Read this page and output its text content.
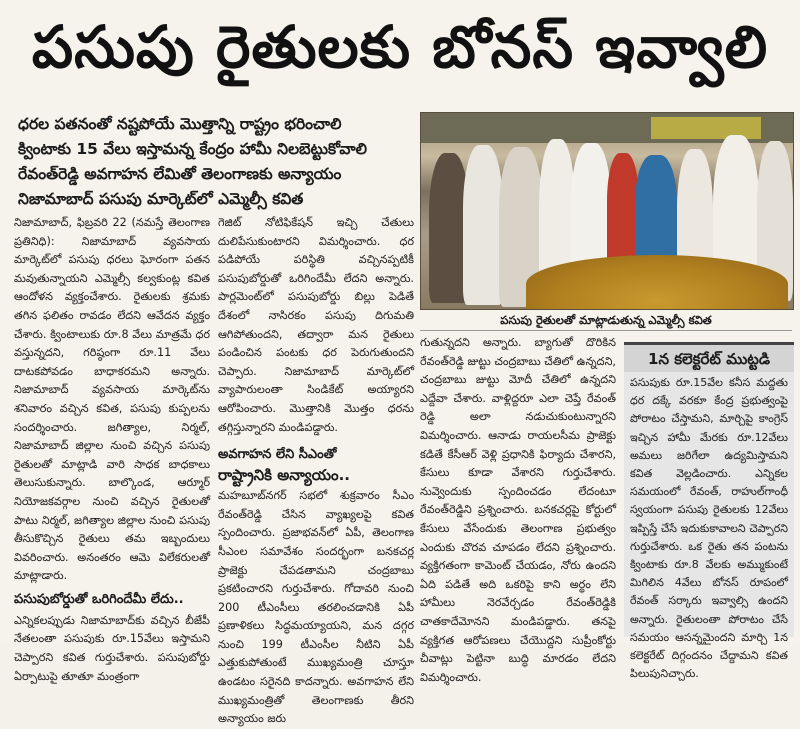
పసుపు రైతులకు బోనస్ ఇవ్వాలి
ధరల పతనంతో నష్టపోయే మొత్తాన్ని రాష్ట్రం భరించాలి
క్వింటాకు 15 వేలు ఇస్తామన్న కేంద్రం హామీ నిలబెట్టుకోవాలి
రేవంత్‌రెడ్డి అవగాహన లేమితో తెలంగాణకు అన్యాయం
నిజామాబాద్ పసుపు మార్కెట్‌లో ఎమ్మెల్సీ కవిత
పసుపు రైతులతో మాట్లాడుతున్న ఎమ్మెల్సీ కవిత

నిజామాబాద్, ఫిబ్రవరి 22 (నమస్తే తెలంగాణ ప్రతినిధి): నిజామాబాద్ వ్యవసాయ మార్కెట్‌లో పసుపు ధరలు ఘోరంగా పతన మవుతున్నాయని ఎమ్మెల్సీ కల్వకుంట్ల కవిత ఆందోళన వ్యక్తంచేశారు. రైతులకు శ్రమకు తగిన ఫలితం రావడం లేదని ఆవేదన వ్యక్తం చేశారు. క్వింటాలుకు రూ.8 వేలు మాత్రమే ధర వస్తున్నదని, గరిష్ఠంగా రూ.11 వేలు దాటకపోవడం బాధాకరమని అన్నారు. నిజామాబాద్ వ్యవసాయ మార్కెట్‌ను శనివారం వచ్చిన కవిత, పసుపు కుప్పలను సందర్శించారు. జగిత్యాల, నిర్మల్, నిజామాబాద్ జిల్లాల నుంచి వచ్చిన పసుపు రైతులతో మాట్లాడి వారి సాధక బాధకాలు తెలుసుకున్నారు. బాల్కొండ, ఆర్మూర్ నియోజకవర్గాల నుంచి వచ్చిన రైతులతో పాటు నిర్మల్, జగిత్యాల జిల్లాల నుంచి పసుపు తీసుకొచ్చిన రైతులు తమ ఇబ్బందులు వివరించారు. అనంతరం ఆమె విలేకరులతో మాట్లాడారు.

పసుపుబోర్డుతో ఒరిగిందేమీ లేదు..

ఎన్నికలప్పుడు నిజామాబాద్‌కు వచ్చిన బీజేపీ నేతలంతా పసుపుకు రూ.15వేలు ఇస్తామని చెప్పారని కవిత గుర్తుచేశారు. పసుపుబోర్డు ఏర్పాటుపై తూతూ మంత్రంగా

గెజిట్ నోటిఫికేషన్ ఇచ్చి చేతులు దులిపేసుకుంటారని విమర్శించారు. ధర పడిపోయే పరిస్థితి వచ్చినప్పటికీ పసుపుబోర్డుతో ఒరిగిందేమీ లేదని అన్నారు. పార్లమెంట్‌లో పసుపుబోర్డు బిల్లు పెడితే దేశంలో నాసిరకం పసుపు దిగుమతి ఆగిపోతుందని, తద్వారా మన రైతులు పండించిన పంటకు ధర పెరుగుతుందని చెప్పారు. నిజామాబాద్ మార్కెట్‌లో వ్యాపారులంతా సిండికేట్ అయ్యారని ఆరోపించారు. మొత్తానికి మొత్తం ధరను తగ్గిస్తున్నారని మండిపడ్డారు.

అవగాహన లేని సీఎంతో
రాష్ట్రానికి అన్యాయం..

మహబూబ్‌నగర్ సభలో శుక్రవారం సీఎం రేవంత్‌రెడ్డి చేసిన వ్యాఖ్యలపై కవిత స్పందించారు. ప్రజాభవన్‌లో ఏపీ, తెలంగాణ సీఎంల సమావేశం సందర్భంగా బనకచర్ల ప్రాజెక్టు చేపడతామని చంద్రబాబు ప్రకటించారని గుర్తుచేశారు. గోదావరి నుంచి 200 టీఎంసీలు తరలించడానికి ఏపీ ప్రణాళికలు సిద్ధమయ్యాయని, మన దగ్గర నుంచి 199 టీఎంసీల నీటిని ఏపీ ఎత్తుకుపోతుంటే ముఖ్యమంత్రి చూస్తూ ఉండటం సరైనది కాదన్నారు. అవగాహన లేని ముఖ్యమంత్రితో తెలంగాణకు తీరని అన్యాయం జరు

గుతున్నదని అన్నారు. బ్యాగుతో దొరికిన రేవంత్‌రెడ్డి జుట్టు చంద్రబాబు చేతిలో ఉన్నదని, చంద్రబాబు జుట్టు మోదీ చేతిలో ఉన్నదని ఎద్దేవా చేశారు. వాళ్లిద్దరూ ఎలా చెప్తే రేవంత్ రెడ్డి అలా నడుచుకుంటున్నారని విమర్శించారు. ఆనాడు రాయలసీమ ప్రాజెక్టు కడితే కేసీఆర్ వెళ్లి ప్రధానికి ఫిర్యాదు చేశారని, కేసులు కూడా వేశారని గుర్తుచేశారు. నువ్వెందుకు స్పందించడం లేదంటూ రేవంత్‌రెడ్డిని ప్రశ్నించారు. బనకచర్లపై కోర్టులో కేసులు వేసేందుకు తెలంగాణ ప్రభుత్వం ఎందుకు చొరవ చూపడం లేదని ప్రశ్నించారు. వ్యక్తిగతంగా కామెంట్ చేయడం, నోరు ఉందని ఏది పడితే అది ఒకరిపై కాని అర్థం లేని హామీలు నెరవేర్చడం రేవంత్‌రెడ్డికి చాతకాదేమోనని మండిపడ్డారు. తనపై వ్యక్తిగత ఆరోపణలు చేయొద్దని సుప్రీంకోర్టు చీవాట్లు పెట్టినా బుద్ధి మారడం లేదని విమర్శించారు.

1న కలెక్టరేట్ ముట్టడి
పసుపుకు రూ.15వేల కనీస మద్దతు ధర దక్కే వరకూ కేంద్ర ప్రభుత్వంపై పోరాటం చేస్తామని, మార్చిపై కాంగ్రెస్ ఇచ్చిన హామీ మేరకు రూ.12వేలు అమలు జరిగేలా ఉద్యమిస్తామని కవిత వెల్లడించారు. ఎన్నికల సమయంలో రేవంత్, రాహుల్‌గాంధీ స్వయంగా పసుపు రైతులకు 12వేలు ఇప్పిస్తే చేసే ఇదుకుకావాలని చెప్పారని గుర్తుచేశారు. ఒక రైతు తన పంటను క్వింటాకు రూ.8 వేలకు అమ్ముకుంటే మిగిలిన 4వేలు బోనస్ రూపంలో రేవంత్ సర్కారు ఇవ్వాల్సి ఉందని అన్నారు. రైతులంతా పోరాటం చేసే సమయం ఆసన్నమైందని మార్చి 1న కలెక్టరేట్ దిగ్గందనం చేద్దామని కవిత పిలుపునిచ్చారు.
